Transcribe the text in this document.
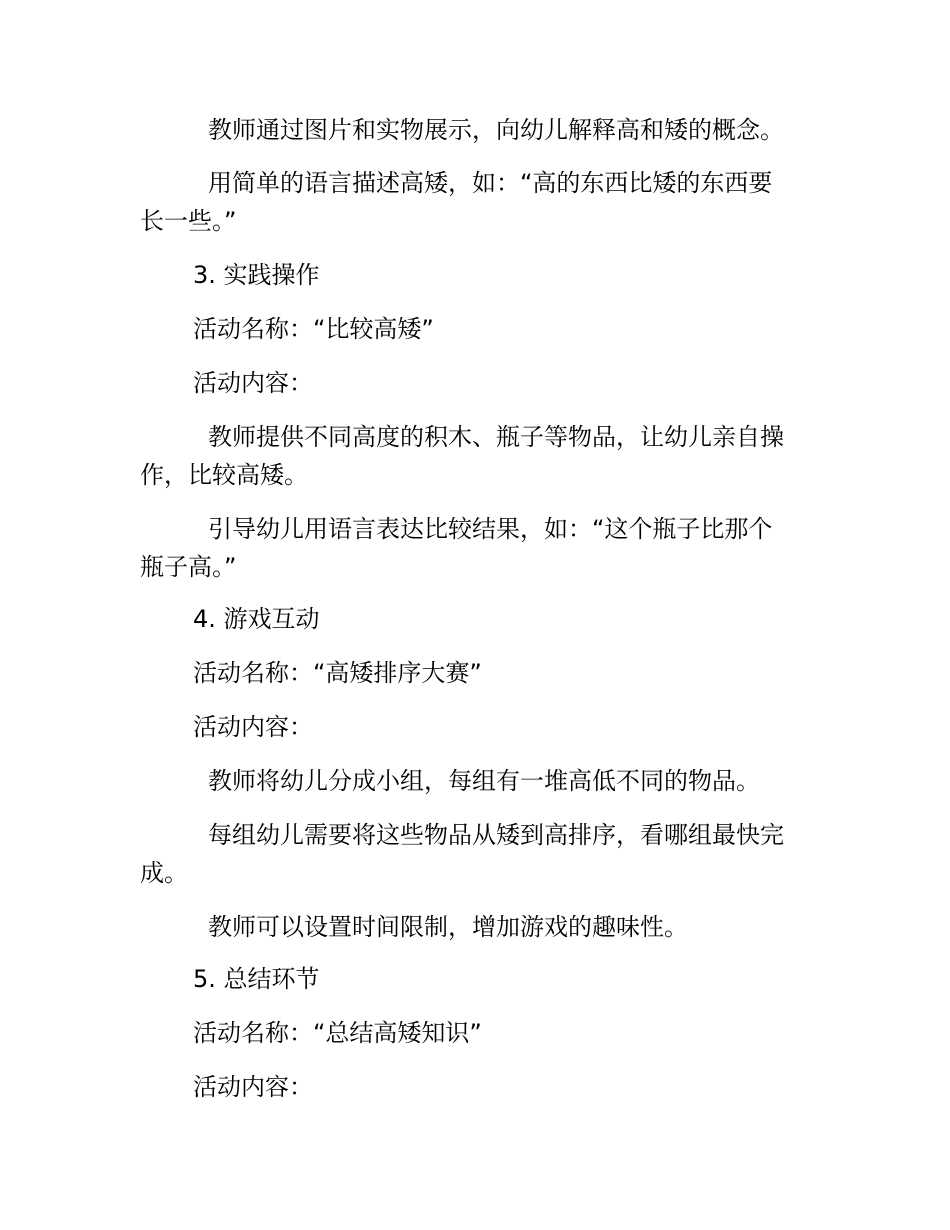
教师通过图片和实物展示，向幼儿解释高和矮的概念。
用简单的语言描述高矮，如：“高的东西比矮的东西要
长一些。”
3. 实践操作
活动名称：“比较高矮”
活动内容：
教师提供不同高度的积木、瓶子等物品，让幼儿亲自操
作，比较高矮。
引导幼儿用语言表达比较结果，如：“这个瓶子比那个
瓶子高。”
4. 游戏互动
活动名称：“高矮排序大赛”
活动内容：
教师将幼儿分成小组，每组有一堆高低不同的物品。
每组幼儿需要将这些物品从矮到高排序，看哪组最快完
成。
教师可以设置时间限制，增加游戏的趣味性。
5. 总结环节
活动名称：“总结高矮知识”
活动内容：
